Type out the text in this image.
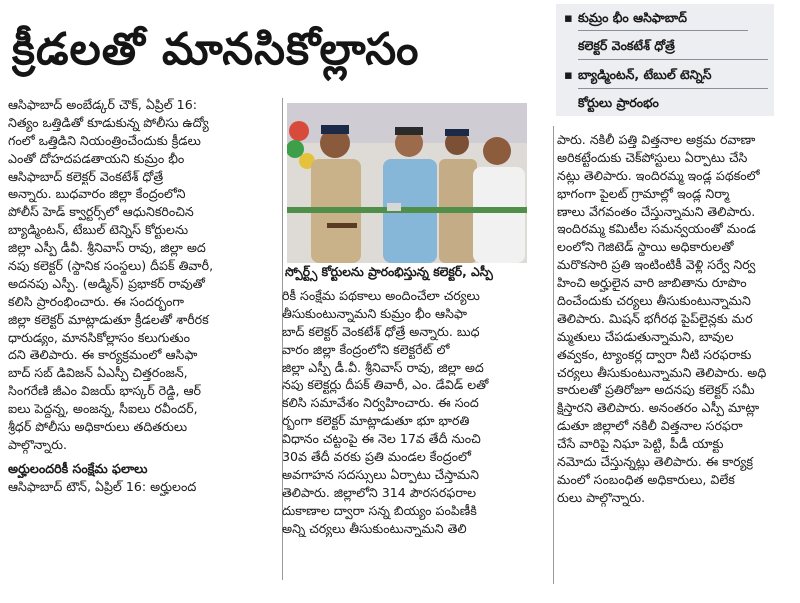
క్రీడలతో మానసికోల్లాసం
▪ కుమ్రం భీం ఆసిఫాబాద్
కలెక్టర్ వెంకటేశ్ ధోత్రే
▪ బ్యాడ్మింటన్, టేబుల్ టెన్నిస్
కోర్టులు ప్రారంభం
ఆసిఫాబాద్ అంబేడ్కర్ చౌక్, ఏప్రిల్ 16:
నిత్యం ఒత్తిడితో కూడుకున్న పోలీసు ఉద్యో
గంలో ఒత్తిడిని నియంత్రించేందుకు క్రీడలు
ఎంతో దోహదపడతాయని కుమ్రం భీం
ఆసిఫాబాద్ కలెక్టర్ వెంకటేశ్ ధోత్రే
అన్నారు. బుధవారం జిల్లా కేంద్రంలోని
పోలీస్ హెడ్ క్వార్టర్స్‌లో ఆధునికరించిన
బ్యాడ్మింటన్, టేబుల్ టెన్నిస్ కోర్టులను
జిల్లా ఎస్పీ డీవీ. శ్రీనివాస్ రావు, జిల్లా అద
నపు కలెక్టర్ (స్థానిక సంస్థలు) దీపక్ తివారీ,
అదనపు ఎస్పీ. (అడ్మిన్) ప్రభాకర్ రావుతో
కలిసి ప్రారంభించారు. ఈ సందర్భంగా
జిల్లా కలెక్టర్ మాట్లాడుతూ క్రీడలతో శారీరక
ధారుడ్యం, మానసికోల్లాసం కలుగుతుం
దని తెలిపారు. ఈ కార్యక్రమంలో ఆసిఫా
బాద్ సబ్ డివిజన్ ఏఎస్పీ చిత్తరంజన్,
సింగరేణి జీఎం విజయ్ భాస్కర్ రెడ్డి, ఆర్
ఐలు పెద్దన్న, అంజన్న, సీఐలు రవీందర్,
శ్రీధర్ పోలీసు అధికారులు తదితరులు
పాల్గొన్నారు.
అర్హులందరికీ సంక్షేమ ఫలాలు
ఆసిఫాబాద్ టౌన్, ఏప్రిల్ 16: అర్హులంద
స్పోర్ట్స్ కోర్టులను ప్రారంభిస్తున్న కలెక్టర్, ఎస్పీ
రికీ సంక్షేమ పథకాలు అందించేలా చర్యలు
తీసుకుంటున్నామని కుమ్రం భీం ఆసిఫా
బాద్ కలెక్టర్ వెంకటేశ్ ధోత్రే అన్నారు. బుధ
వారం జిల్లా కేంద్రంలోని కలెక్టరేట్ లో
జిల్లా ఎస్పీ డీ.వీ. శ్రీనివాస్ రావు, జిల్లా అద
నపు కలెక్టర్లు దీపక్ తివారీ, ఎం. డేవిడ్ లతో
కలిసి సమావేశం నిర్వహించారు. ఈ సంద
ర్భంగా కలెక్టర్ మాట్లాడుతూ భూ భారతి
విధానం చట్టంపై ఈ నెల 17వ తేదీ నుంచి
30వ తేదీ వరకు ప్రతి మండల కేంద్రంలో
అవగాహన సదస్సులు ఏర్పాటు చేస్తామని
తెలిపారు. జిల్లాలోని 314 పౌరసరఫరాల
దుకాణాల ద్వారా సన్న బియ్యం పంపిణీకి
అన్ని చర్యలు తీసుకుంటున్నామని తెలి
పారు. నకిలీ పత్తి విత్తనాల అక్రమ రవాణా
అరికట్టేందుకు చెక్‌పోస్టులు ఏర్పాటు చేసి
నట్లు తెలిపారు. ఇందిరమ్మ ఇండ్ల పథకంలో
భాగంగా పైలట్ గ్రామాల్లో ఇండ్ల నిర్మా
ణాలు వేగవంతం చేస్తున్నామని తెలిపారు.
ఇందిరమ్మ కమిటీల సమన్వయంతో మండ
లంలోని గెజిటెడ్ స్థాయి అధికారులతో
మరొకసారి ప్రతి ఇంటింటికీ వెళ్లి సర్వే నిర్వ
హించి అర్హులైన వారి జాబితాను రూపొం
దించేందుకు చర్యలు తీసుకుంటున్నామని
తెలిపారు. మిషన్ భగీరథ పైప్‌లైన్లకు మర
మ్మతులు చేపడుతున్నామని, బావుల
తవ్వకం, ట్యాంకర్ల ద్వారా నీటి సరఫరాకు
చర్యలు తీసుకుంటున్నామని తెలిపారు. అధి
కారులతో ప్రతిరోజూ అదనపు కలెక్టర్ సమీ
క్షిస్తారని తెలిపారు. అనంతరం ఎస్పీ మాట్లా
డుతూ జిల్లాలో నకిలీ విత్తనాల సరఫరా
చేసే వారిపై నిఘా పెట్టి, పీడీ యాక్టు
నమోదు చేస్తున్నట్లు తెలిపారు. ఈ కార్యక్ర
మంలో సంబంధిత అధికారులు, విలేక
రులు పాల్గొన్నారు.
